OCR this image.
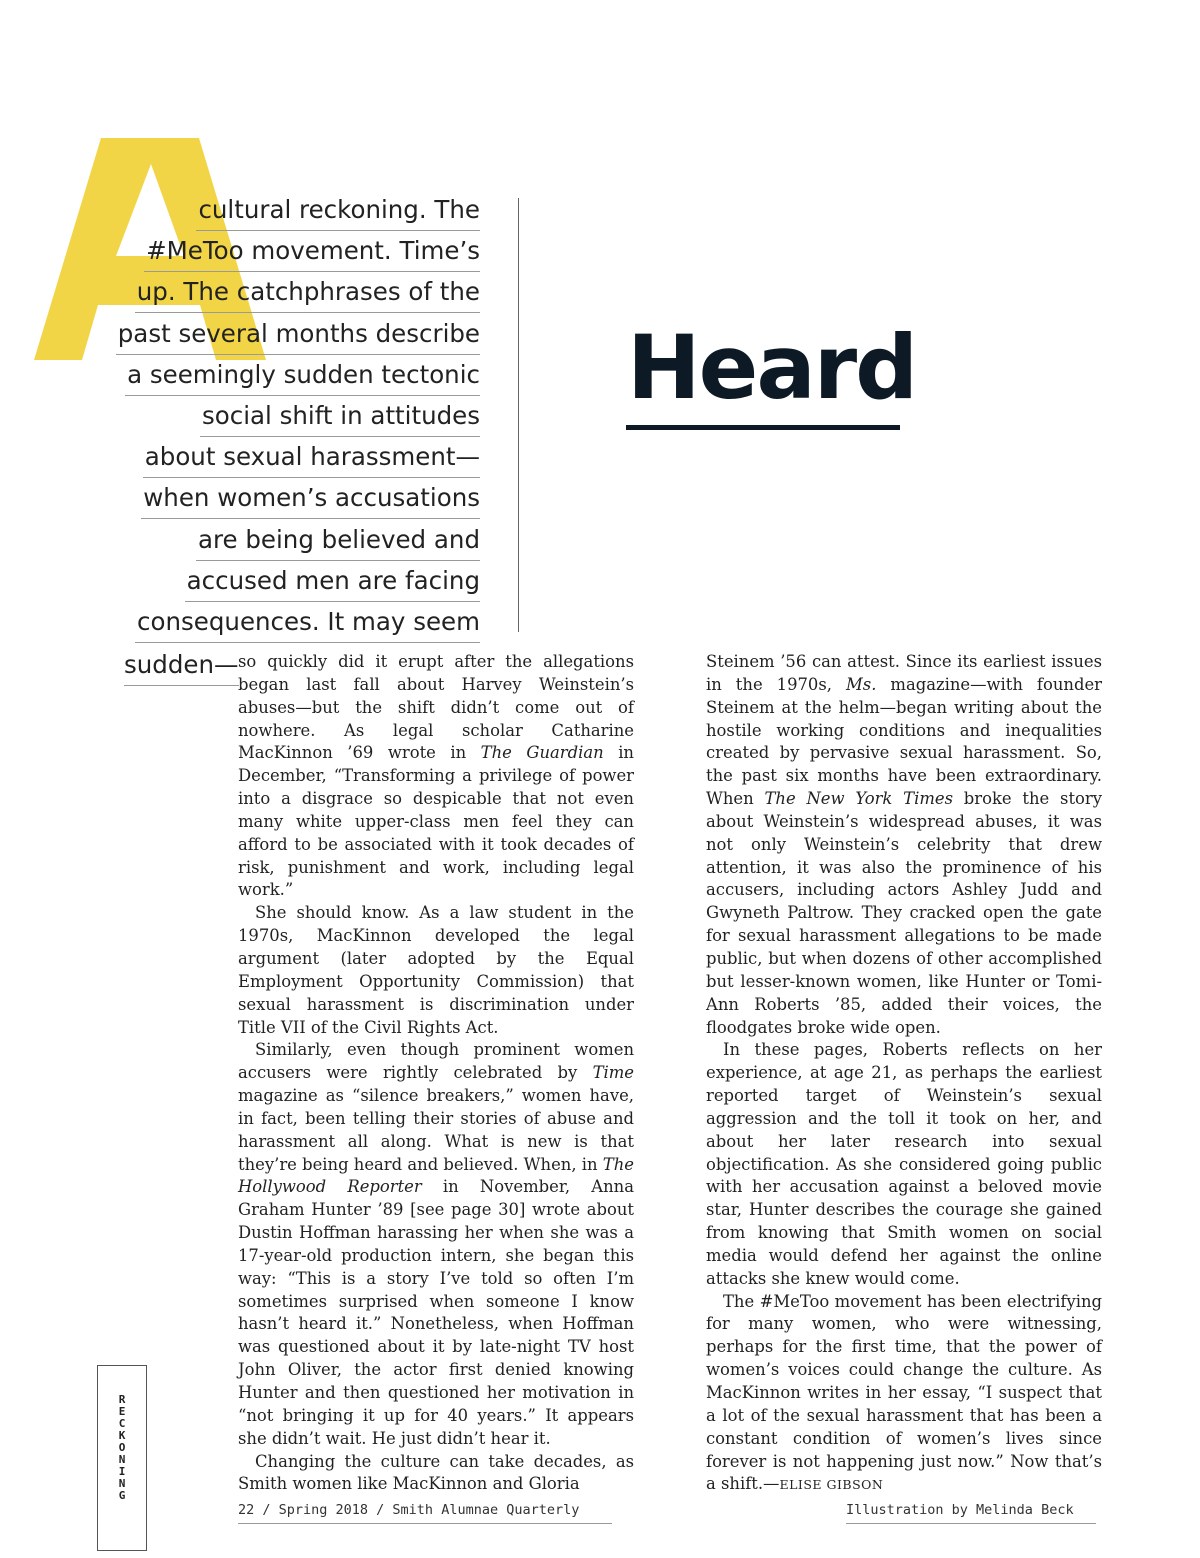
cultural reckoning. The
#MeToo movement. Time’s
up. The catchphrases of the
past several months describe
a seemingly sudden tectonic
social shift in attitudes
about sexual harassment—
when women’s accusations
are being believed and
accused men are facing
consequences. It may seem
sudden—
Heard

so quickly did it erupt after the allegations began last fall about Harvey Weinstein’s abuses—but the shift didn’t come out of nowhere. As legal scholar Catharine MacKinnon ’69 wrote in The Guardian in December, “Transforming a privilege of power into a disgrace so despicable that not even many white upper-class men feel they can afford to be associated with it took decades of risk, punishment and work, including legal work.”

She should know. As a law student in the 1970s, MacKinnon developed the legal argument (later adopted by the Equal Employment Opportunity Commission) that sexual harassment is discrimination under Title VII of the Civil Rights Act.

Similarly, even though prominent women accusers were rightly celebrated by Time magazine as “silence breakers,” women have, in fact, been telling their stories of abuse and harassment all along. What is new is that they’re being heard and believed. When, in The Hollywood Reporter in November, Anna Graham Hunter ’89 [see page 30] wrote about Dustin Hoffman harassing her when she was a 17-year-old production intern, she began this way: “This is a story I’ve told so often I’m sometimes surprised when someone I know hasn’t heard it.” Nonetheless, when Hoffman was questioned about it by late-night TV host John Oliver, the actor first denied knowing Hunter and then questioned her motivation in “not bringing it up for 40 years.” It appears she didn’t wait. He just didn’t hear it.

Changing the culture can take decades, as Smith women like MacKinnon and Gloria

Steinem ’56 can attest. Since its earliest issues in the 1970s, Ms. magazine—with founder Steinem at the helm—began writing about the hostile working conditions and inequalities created by pervasive sexual harassment. So, the past six months have been extraordinary. When The New York Times broke the story about Weinstein’s widespread abuses, it was not only Weinstein’s celebrity that drew attention, it was also the prominence of his accusers, including actors Ashley Judd and Gwyneth Paltrow. They cracked open the gate for sexual harassment allegations to be made public, but when dozens of other accomplished but lesser-known women, like Hunter or Tomi-Ann Roberts ’85, added their voices, the floodgates broke wide open.

In these pages, Roberts reflects on her experience, at age 21, as perhaps the earliest reported target of Weinstein’s sexual aggression and the toll it took on her, and about her later research into sexual objectification. As she considered going public with her accusation against a beloved movie star, Hunter describes the courage she gained from knowing that Smith women on social media would defend her against the online attacks she knew would come.

The #MeToo movement has been electrifying for many women, who were witnessing, perhaps for the first time, that the power of women’s voices could change the culture. As MacKinnon writes in her essay, “I suspect that a lot of the sexual harassment that has been a constant condition of women’s lives since forever is not happening just now.” Now that’s a shift.—ELISE GIBSON

RECKONING
22 / Spring 2018 / Smith Alumnae Quarterly	Illustration by Melinda Beck
